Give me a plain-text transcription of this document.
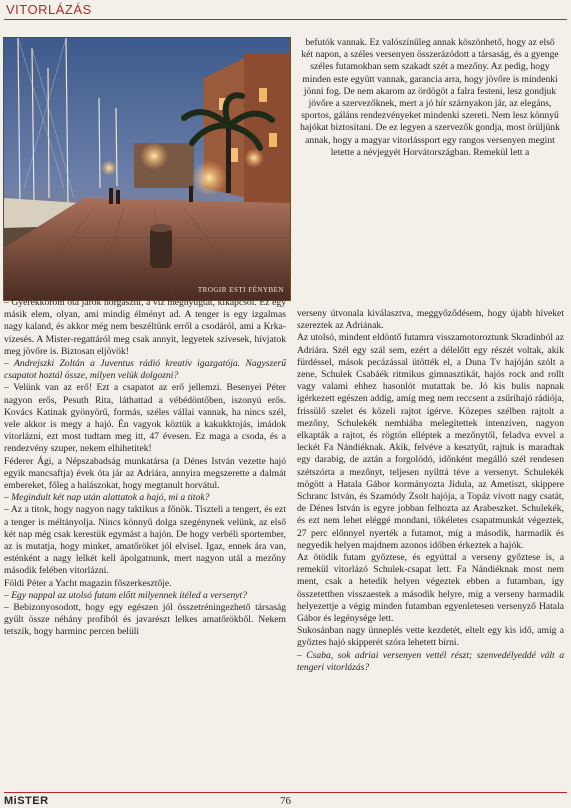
VITORLÁZÁS
TROGIR ESTI FÉNYBEN

befutók vannak. Ez valószínűleg annak köszönhető, hogy az első két napon, a széles versenyen összerázódott a társaság, és a gyenge széles futamokban sem szakadt szét a mezőny. Az pedig, hogy minden este együtt vannak, garancia arra, hogy jövőre is mindenki jönni fog. De nem akarom az ördögöt a falra festeni, lesz gondjuk jövőre a szervezőknek, mert a jó hír szárnyakon jár, az elegáns, sportos, gáláns rendezvényeket mindenki szereti. Nem lesz könnyű hajókat biztosítani. De ez legyen a szervezők gondja, most örüljünk annak, hogy a magyar vitorlássport egy rangos versenyen megint letette a névjegyét Horvátországban. Remekül lett a

– Gyerekkorom óta járok horgászni, a víz megnyugtat, kikapcsol. Ez egy másik elem, olyan, ami mindig élményt ad. A tenger is egy izgalmas nagy kaland, és akkor még nem beszéltünk erről a csodáról, ami a Krka-vízesés. A Mister-regattáról meg csak annyit, legyetek szívesek, hívjatok meg jövőre is. Biztosan eljövök!

– Andrejszki Zoltán a Juventus rádió kreatív igazgatója. Nagyszerű csapatot hoztál össze, milyen velük dolgozni?

– Velünk van az erő! Ezt a csapatot az erő jellemzi. Besenyei Péter nagyon erős, Pesuth Rita, láthattad a vébédöntőben, iszonyú erős. Kovács Katinak gyönyörű, formás, széles vállai vannak, ha nincs szél, vele akkor is megy a hajó. Én vagyok köztük a kakukktojás, imádok vitorlázni, ezt most tudtam meg itt, 47 évesen. Ez maga a csoda, és a rendezvény szuper, nekem elhihetitek!

Féderer Ági, a Népszabadság munkatársa (a Dénes István vezette hajó egyik mancsaftja) évek óta jár az Adriára, annyira megszerette a dalmát embereket, főleg a halászokat, hogy megtanult horvátul.

– Megindult két nap után alattatok a hajó, mi a titok?

– Az a titok, hogy nagyon nagy taktikus a főnök. Tiszteli a tengert, és ezt a tenger is méltányolja. Nincs könnyű dolga szegénynek velünk, az első két nap még csak kerestük egymást a hajón. De hogy verbéli sportember, az is mutatja, hogy minket, amatőröket jól elvisel. Igaz, ennek ára van, esténként a nagy lelkét kell ápolgatnunk, mert nagyon utál a mezőny második felében vitorlázni.

Földi Péter a Yacht magazin főszerkesztője.

– Egy nappal az utolsó futam előtt milyennek ítéled a versenyt?

– Bebizonyosodott, hogy egy egészen jól összetréningezhető társaság gyűlt össze néhány profiból és javarészt lelkes amatőrökből. Nekem tetszik, hogy harminc percen belüli

verseny útvonala kiválasztva, meggyőződésem, hogy újabb híveket szereztek az Adriának.

Az utolsó, mindent eldöntő futamra visszamotoroztunk Skradinból az Adriára. Szél egy szál sem, ezért a délelőtt egy részét voltak, akik fürdéssel, mások pecázással ütötték el, a Duna Tv hajóján szólt a zene, Schulek Csabáék ritmikus gimnasztikát, hajós rock and rollt vagy valami ehhez hasonlót mutattak be. Jó kis bulis napnak ígérkezett egészen addig, amíg meg nem reccsent a zsűrihajó rádiója, frissülő szelet és közeli rajtot ígérve. Közepes szélben rajtolt a mezőny, Schulekék nemhiába melegítettek intenzíven, nagyon elkapták a rajtot, és rögtön elléptek a mezőnytől, feladva evvel a leckét Fa Nándiéknak. Akik, felvéve a kesztyűt, rajtuk is maradtak egy darabig, de aztán a forgolódó, időnként megálló szél rendesen szétszórta a mezőnyt, teljesen nyílttá téve a versenyt. Schulekék mögött a Hatala Gábor kormányozta Jidula, az Ametiszt, skippere Schranc István, és Szamódy Zsolt hajója, a Topáz vívott nagy csatát, de Dénes István is egyre jobban felhozta az Arabeszket. Schulekék, és ezt nem lehet eléggé mondani, tökéletes csapatmunkát végeztek, 27 perc előnnyel nyerték a futamot, míg a második, harmadik és negyedik helyen majdnem azonos időben érkeztek a hajók.

Az ötödik futam győztese, és egyúttal a verseny győztese is, a remekül vitorlázó Schulek-csapat lett. Fa Nándiéknak most nem ment, csak a hetedik helyen végeztek ebben a futamban, így összetettben visszaestek a második helyre, míg a verseny harmadik helyezettje a végig minden futamban egyenletesen versenyző Hatala Gábor és legénysége lett.

Sukosánban nagy ünneplés vette kezdetét, eltelt egy kis idő, amíg a győztes hajó skipperét szóra lehetett bírni.

– Csaba, sok adriai versenyen vettél részt; szenvedélyeddé vált a tengeri vitorlázás?

MiSTER	76
